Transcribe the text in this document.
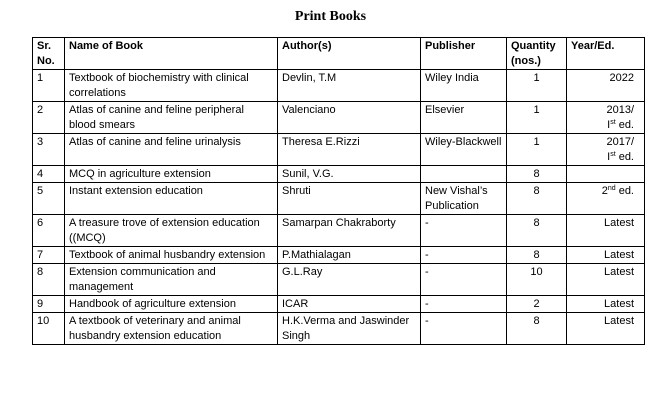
Print Books
Sr. No.	Name of Book	Author(s)	Publisher	Quantity (nos.)	Year/Ed.
1	Textbook of biochemistry with clinical correlations	Devlin, T.M	Wiley India	1	2022
2	Atlas of canine and feline peripheral blood smears	Valenciano	Elsevier	1	2013/
Ist ed.
3	Atlas of canine and feline urinalysis	Theresa E.Rizzi	Wiley-Blackwell	1	2017/
Ist ed.
4	MCQ in agriculture extension	Sunil, V.G.		8	
5	Instant extension education	Shruti	New Vishal’s Publication	8	2nd ed.
6	A treasure trove of extension education ((MCQ)	Samarpan Chakraborty	-	8	Latest
7	Textbook of animal husbandry extension	P.Mathialagan	-	8	Latest
8	Extension communication and management	G.L.Ray	-	10	Latest
9	Handbook of agriculture extension	ICAR	-	2	Latest
10	A textbook of veterinary and animal husbandry extension education	H.K.Verma and Jaswinder Singh	-	8	Latest
